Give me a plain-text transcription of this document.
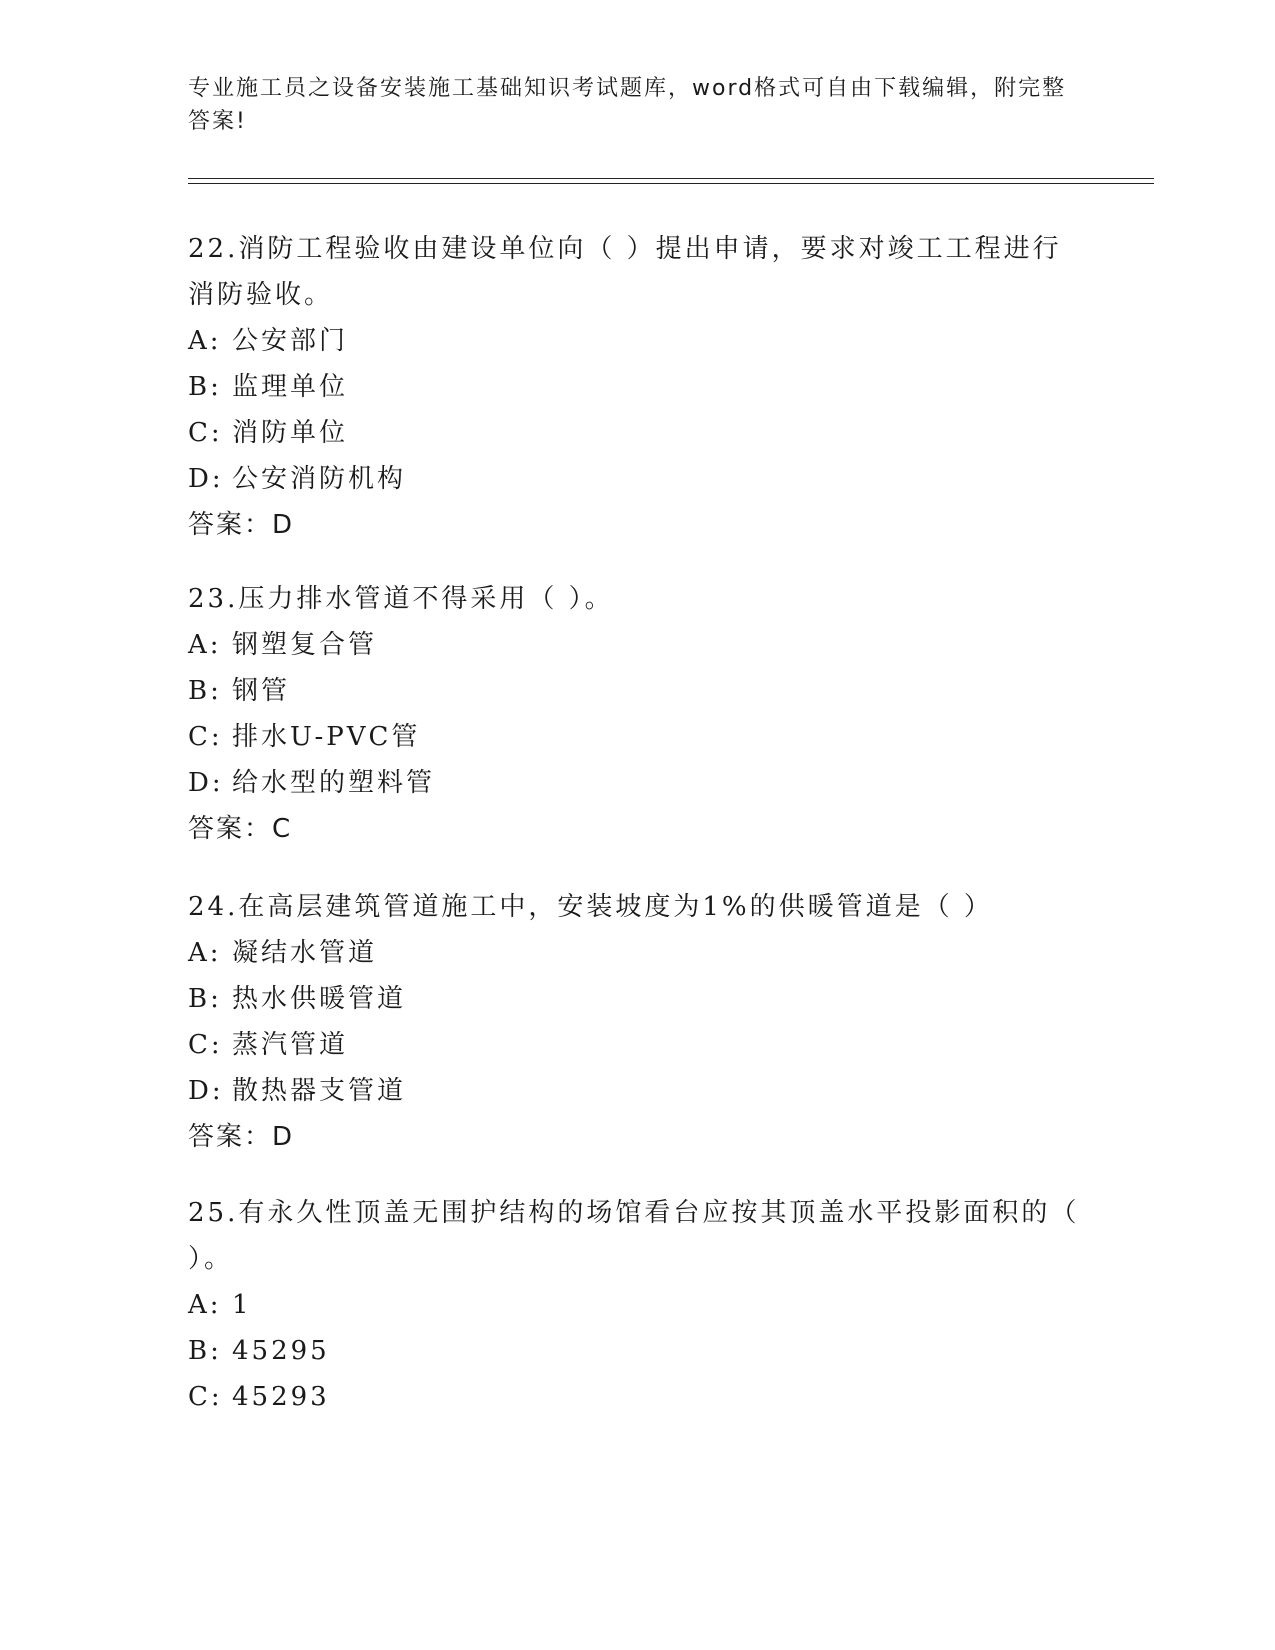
专业施工员之设备安装施工基础知识考试题库，word格式可自由下载编辑，附完整答案!

22.消防工程验收由建设单位向（ ）提出申请，要求对竣工工程进行消防验收。

A: 公安部门
B: 监理单位
C: 消防单位
D: 公安消防机构
答案：D

23.压力排水管道不得采用（ ）。

A: 钢塑复合管
B: 钢管
C: 排水U-PVC管
D: 给水型的塑料管
答案：C

24.在高层建筑管道施工中，安装坡度为1%的供暖管道是（ ）

A: 凝结水管道
B: 热水供暖管道
C: 蒸汽管道
D: 散热器支管道
答案：D

25.有永久性顶盖无围护结构的场馆看台应按其顶盖水平投影面积的（ ）。

A: 1
B: 45295
C: 45293
